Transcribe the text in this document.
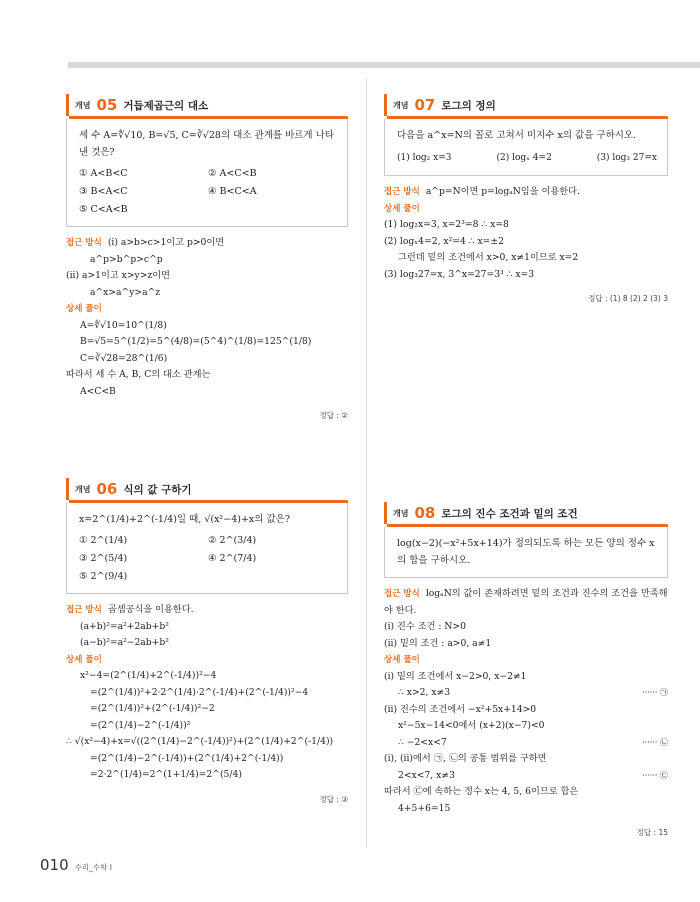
개념 05 거듭제곱근의 대소
세 수 A=∜√10, B=√5, C=∛√28의 대소 관계를 바르게 나타낸 것은?
① A<B<C	② A<C<B
③ B<A<C	④ B<C<A
⑤ C<A<B
접근 방식 (i) a>b>c>1이고 p>0이면
a^p>b^p>c^p
(ii) a>1이고 x>y>z이면
a^x>a^y>a^z
상세 풀이
A=∜√10=10^(1/8)
B=√5=5^(1/2)=5^(4/8)=(5^4)^(1/8)=125^(1/8)
C=∛√28=28^(1/6)
따라서 세 수 A, B, C의 대소 관계는
A<C<B
정답 : ②
개념 06 식의 값 구하기
x=2^(1/4)+2^(-1/4)일 때, √(x²−4)+x의 값은?
① 2^(1/4)	② 2^(3/4)
③ 2^(5/4)	④ 2^(7/4)
⑤ 2^(9/4)
접근 방식 곱셈공식을 이용한다.
(a+b)²=a²+2ab+b²
(a−b)²=a²−2ab+b²
상세 풀이
x²−4=(2^(1/4)+2^(-1/4))²−4
=(2^(1/4))²+2·2^(1/4)·2^(-1/4)+(2^(-1/4))²−4
=(2^(1/4))²+(2^(-1/4))²−2
=(2^(1/4)−2^(-1/4))²
∴ √(x²−4)+x=√((2^(1/4)−2^(-1/4))²)+(2^(1/4)+2^(-1/4))
=(2^(1/4)−2^(-1/4))+(2^(1/4)+2^(-1/4))
=2·2^(1/4)=2^(1+1/4)=2^(5/4)
정답 : ③
개념 07 로그의 정의
다음을 a^x=N의 꼴로 고쳐서 미지수 x의 값을 구하시오.
(1) log₂ x=3	(2) logₓ 4=2	(3) log₃ 27=x
접근 방식 a^p=N이면 p=logₐN임을 이용한다.
상세 풀이
(1) log₂x=3, x=2³=8 ∴ x=8
(2) logₓ4=2, x²=4 ∴ x=±2
그런데 밑의 조건에서 x>0, x≠1이므로 x=2
(3) log₃27=x, 3^x=27=3³ ∴ x=3
정답 : (1) 8 (2) 2 (3) 3
개념 08 로그의 진수 조건과 밑의 조건
log(x−2)(−x²+5x+14)가 정의되도록 하는 모든 양의 정수 x의 합을 구하시오.
접근 방식 logₐN의 값이 존재하려면 밑의 조건과 진수의 조건을 만족해야 한다.
(i) 진수 조건 : N>0
(ii) 밑의 조건 : a>0, a≠1
상세 풀이
(i) 밑의 조건에서 x−2>0, x−2≠1
∴ x>2, x≠3	······ ㉠
(ii) 진수의 조건에서 −x²+5x+14>0
x²−5x−14<0에서 (x+2)(x−7)<0
∴ −2<x<7	······ ㉡
(i), (ii)에서 ㉠, ㉡의 공통 범위를 구하면
2<x<7, x≠3	······ ㉢
따라서 ㉢에 속하는 정수 x는 4, 5, 6이므로 합은
4+5+6=15
정답 : 15
010 수리_수학 I
